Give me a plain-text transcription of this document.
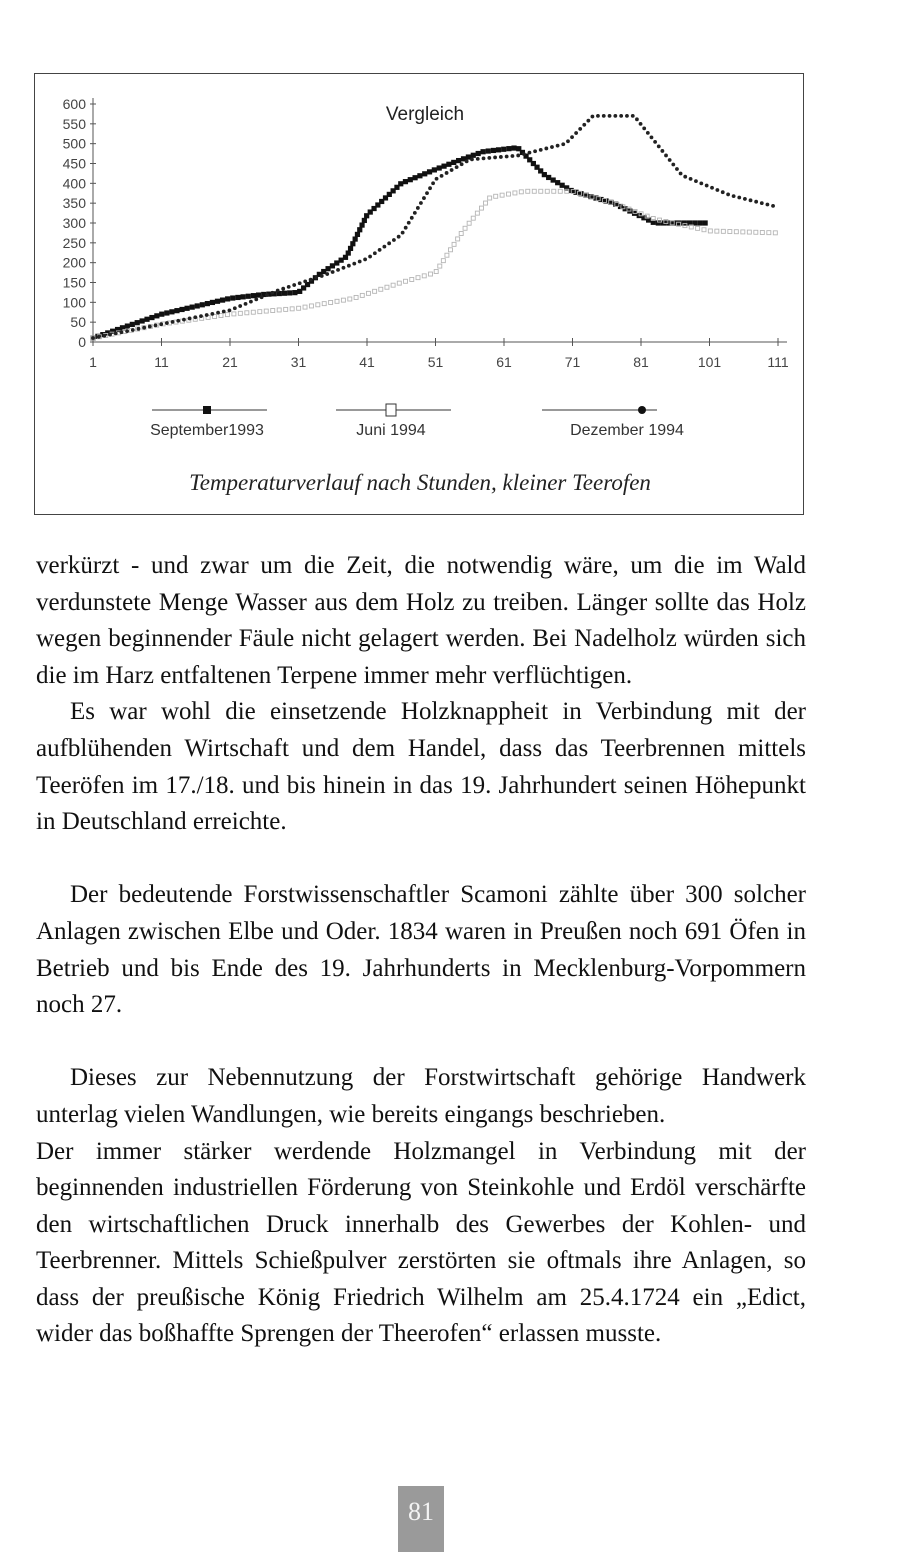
Vergleich
0
50
100
150
200
250
300
350
400
450
500
550
600
1	11	21	31	41	51	61	71	81	101	111
September1993	Juni 1994	Dezember 1994
Temperaturverlauf nach Stunden, kleiner Teerofen

verkürzt - und zwar um die Zeit, die notwendig wäre, um die im Wald verdunstete Menge Wasser aus dem Holz zu treiben. Länger sollte das Holz wegen beginnender Fäule nicht gelagert werden. Bei Nadelholz würden sich die im Harz entfaltenen Terpene immer mehr verflüchtigen.

Es war wohl die einsetzende Holzknappheit in Verbindung mit der aufblühenden Wirtschaft und dem Handel, dass das Teerbrennen mittels Teeröfen im 17./18. und bis hinein in das 19. Jahrhundert seinen Höhepunkt in Deutschland erreichte.

Der bedeutende Forstwissenschaftler Scamoni zählte über 300 solcher Anlagen zwischen Elbe und Oder. 1834 waren in Preußen noch 691 Öfen in Betrieb und bis Ende des 19. Jahrhunderts in Mecklenburg-Vorpommern noch 27.

Dieses zur Nebennutzung der Forstwirtschaft gehörige Handwerk unterlag vielen Wandlungen, wie bereits eingangs beschrieben.

Der immer stärker werdende Holzmangel in Verbindung mit der beginnenden industriellen Förderung von Steinkohle und Erdöl verschärfte den wirtschaftlichen Druck innerhalb des Gewerbes der Kohlen- und Teerbrenner. Mittels Schießpulver zerstörten sie oftmals ihre Anlagen, so dass der preußische König Friedrich Wilhelm am 25.4.1724 ein „Edict, wider das boßhaffte Sprengen der Theerofen“ erlassen musste.

81
